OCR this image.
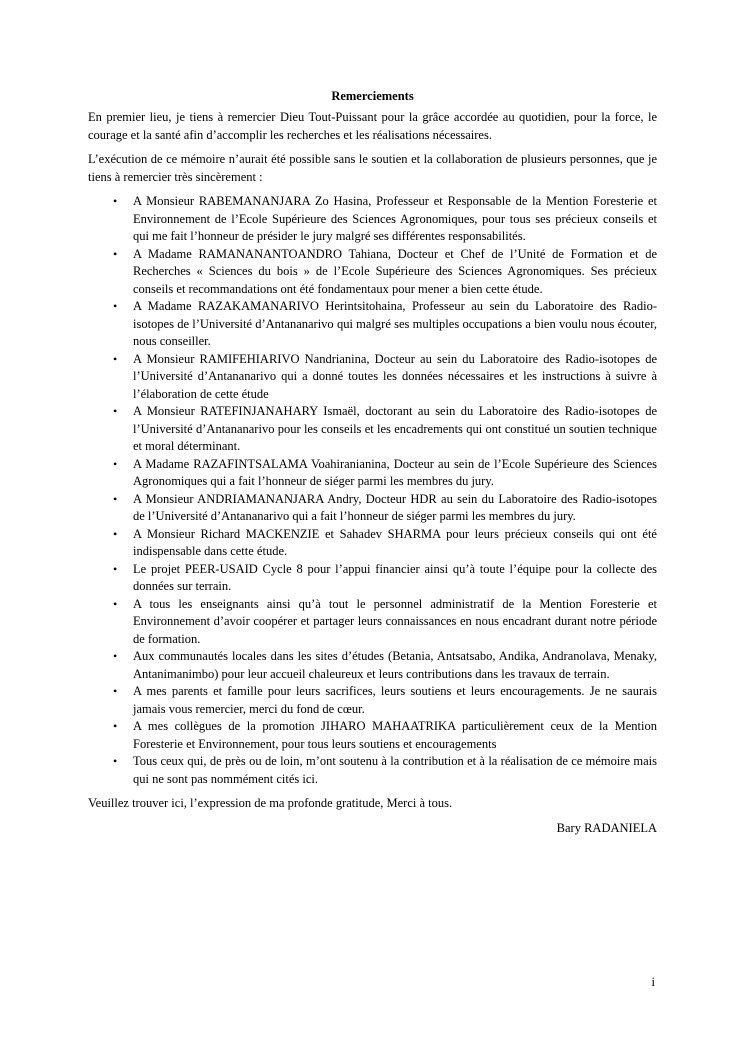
Remerciements

En premier lieu, je tiens à remercier Dieu Tout-Puissant pour la grâce accordée au quotidien, pour la force, le courage et la santé afin d’accomplir les recherches et les réalisations nécessaires.

L’exécution de ce mémoire n’aurait été possible sans le soutien et la collaboration de plusieurs personnes, que je tiens à remercier très sincèrement :

• A Monsieur RABEMANANJARA Zo Hasina, Professeur et Responsable de la Mention Foresterie et Environnement de l’Ecole Supérieure des Sciences Agronomiques, pour tous ses précieux conseils et qui me fait l’honneur de présider le jury malgré ses différentes responsabilités.
• A Madame RAMANANANTOANDRO Tahiana, Docteur et Chef de l’Unité de Formation et de Recherches « Sciences du bois » de l’Ecole Supérieure des Sciences Agronomiques. Ses précieux conseils et recommandations ont été fondamentaux pour mener a bien cette étude.
• A Madame RAZAKAMANARIVO Herintsitohaina, Professeur au sein du Laboratoire des Radio-isotopes de l’Université d’Antananarivo qui malgré ses multiples occupations a bien voulu nous écouter, nous conseiller.
• A Monsieur RAMIFEHIARIVO Nandrianina, Docteur au sein du Laboratoire des Radio-isotopes de l’Université d’Antananarivo qui a donné toutes les données nécessaires et les instructions à suivre à l’élaboration de cette étude
• A Monsieur RATEFINJANAHARY Ismaël, doctorant au sein du Laboratoire des Radio-isotopes de l’Université d’Antananarivo pour les conseils et les encadrements qui ont constitué un soutien technique et moral déterminant.
• A Madame RAZAFINTSALAMA Voahiranianina, Docteur au sein de l’Ecole Supérieure des Sciences Agronomiques qui a fait l’honneur de siéger parmi les membres du jury.
• A Monsieur ANDRIAMANANJARA Andry, Docteur HDR au sein du Laboratoire des Radio-isotopes de l’Université d’Antananarivo qui a fait l’honneur de siéger parmi les membres du jury.
• A Monsieur Richard MACKENZIE et Sahadev SHARMA pour leurs précieux conseils qui ont été indispensable dans cette étude.
• Le projet PEER-USAID Cycle 8 pour l’appui financier ainsi qu’à toute l’équipe pour la collecte des données sur terrain.
• A tous les enseignants ainsi qu’à tout le personnel administratif de la Mention Foresterie et Environnement d’avoir coopérer et partager leurs connaissances en nous encadrant durant notre période de formation.
• Aux communautés locales dans les sites d’études (Betania, Antsatsabo, Andika, Andranolava, Menaky, Antanimanimbo) pour leur accueil chaleureux et leurs contributions dans les travaux de terrain.
• A mes parents et famille pour leurs sacrifices, leurs soutiens et leurs encouragements. Je ne saurais jamais vous remercier, merci du fond de cœur.
• A mes collègues de la promotion JIHARO MAHAATRIKA particulièrement ceux de la Mention Foresterie et Environnement, pour tous leurs soutiens et encouragements
• Tous ceux qui, de près ou de loin, m’ont soutenu à la contribution et à la réalisation de ce mémoire mais qui ne sont pas nommément cités ici.

Veuillez trouver ici, l’expression de ma profonde gratitude, Merci à tous.

Bary RADANIELA
i
